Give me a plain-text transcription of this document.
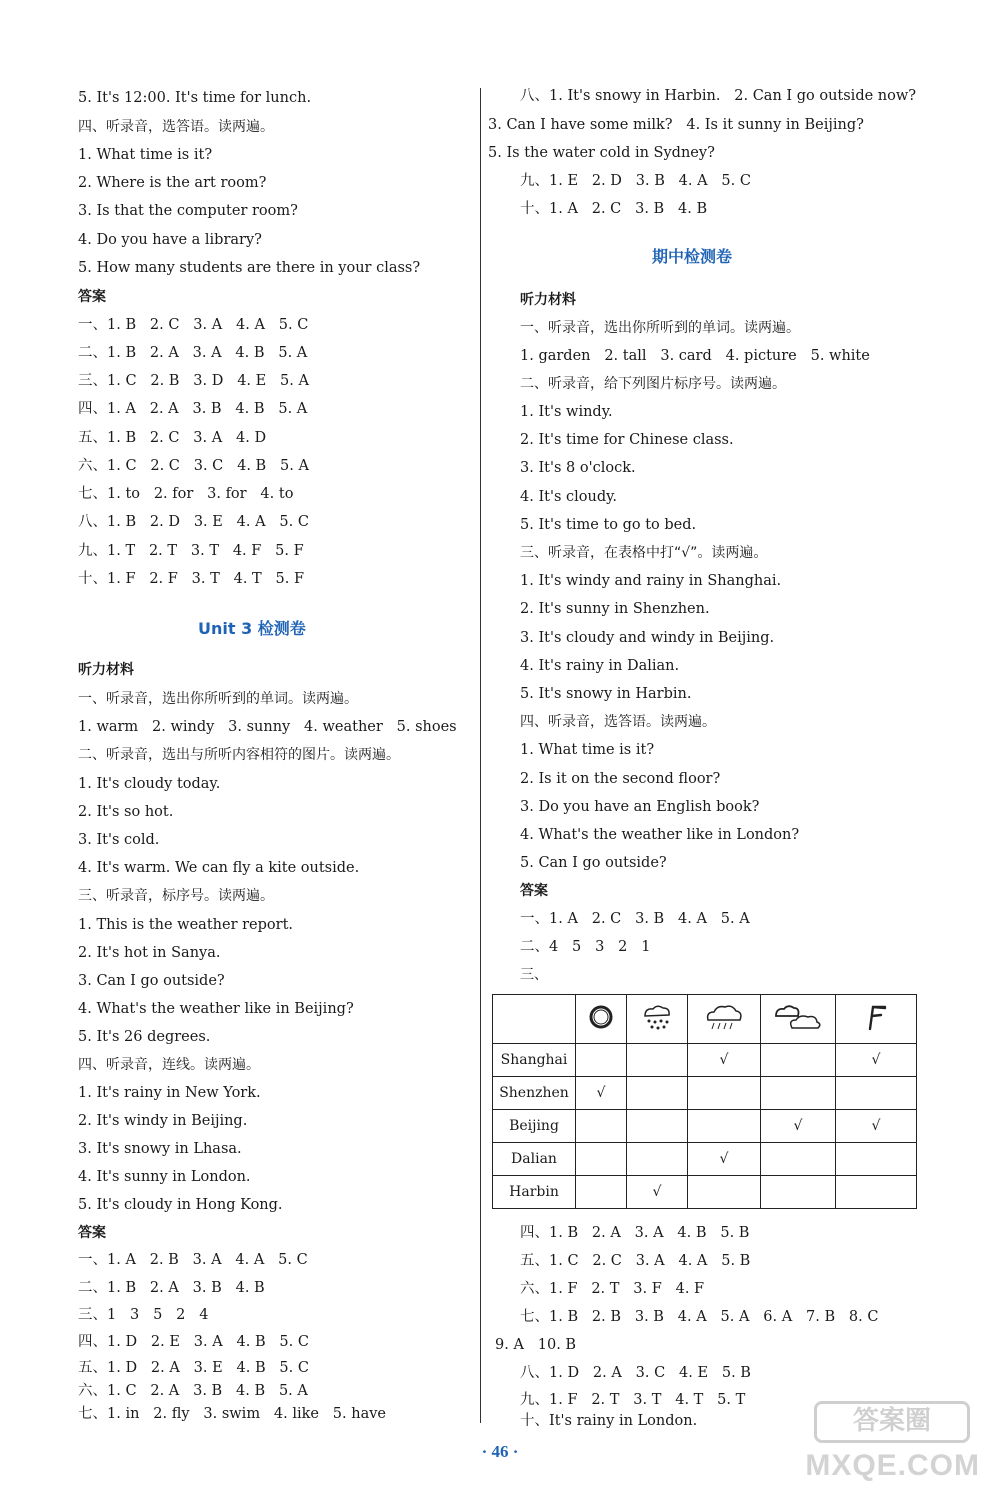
5. It's 12:00. It's time for lunch.
四、听录音，选答语。读两遍。
1. What time is it?
2. Where is the art room?
3. Is that the computer room?
4. Do you have a library?
5. How many students are there in your class?
答案
一、1. B   2. C   3. A   4. A   5. C
二、1. B   2. A   3. A   4. B   5. A
三、1. C   2. B   3. D   4. E   5. A
四、1. A   2. A   3. B   4. B   5. A
五、1. B   2. C   3. A   4. D
六、1. C   2. C   3. C   4. B   5. A
七、1. to   2. for   3. for   4. to
八、1. B   2. D   3. E   4. A   5. C
九、1. T   2. T   3. T   4. F   5. F
十、1. F   2. F   3. T   4. T   5. F
听力材料
一、听录音，选出你所听到的单词。读两遍。
1. warm   2. windy   3. sunny   4. weather   5. shoes
二、听录音，选出与所听内容相符的图片。读两遍。
1. It's cloudy today.
2. It's so hot.
3. It's cold.
4. It's warm. We can fly a kite outside.
三、听录音，标序号。读两遍。
1. This is the weather report.
2. It's hot in Sanya.
3. Can I go outside?
4. What's the weather like in Beijing?
5. It's 26 degrees.
四、听录音，连线。读两遍。
1. It's rainy in New York.
2. It's windy in Beijing.
3. It's snowy in Lhasa.
4. It's sunny in London.
5. It's cloudy in Hong Kong.
答案
一、1. A   2. B   3. A   4. A   5. C
二、1. B   2. A   3. B   4. B
三、1   3   5   2   4
四、1. D   2. E   3. A   4. B   5. C
五、1. D   2. A   3. E   4. B   5. C
六、1. C   2. A   3. B   4. B   5. A
七、1. in   2. fly   3. swim   4. like   5. have
Unit 3 检测卷
八、1. It's snowy in Harbin.   2. Can I go outside now?
3. Can I have some milk?   4. Is it sunny in Beijing?
5. Is the water cold in Sydney?
九、1. E   2. D   3. B   4. A   5. C
十、1. A   2. C   3. B   4. B
听力材料
一、听录音，选出你所听到的单词。读两遍。
1. garden   2. tall   3. card   4. picture   5. white
二、听录音，给下列图片标序号。读两遍。
1. It's windy.
2. It's time for Chinese class.
3. It's 8 o'clock.
4. It's cloudy.
5. It's time to go to bed.
三、听录音，在表格中打“√”。读两遍。
1. It's windy and rainy in Shanghai.
2. It's sunny in Shenzhen.
3. It's cloudy and windy in Beijing.
4. It's rainy in Dalian.
5. It's snowy in Harbin.
四、听录音，选答语。读两遍。
1. What time is it?
2. Is it on the second floor?
3. Do you have an English book?
4. What's the weather like in London?
5. Can I go outside?
答案
一、1. A   2. C   3. B   4. A   5. A
二、4   5   3   2   1
三、
四、1. B   2. A   3. A   4. B   5. B
五、1. C   2. C   3. A   4. A   5. B
六、1. F   2. T   3. F   4. F
七、1. B   2. B   3. B   4. A   5. A   6. A   7. B   8. C
9. A   10. B
八、1. D   2. A   3. C   4. E   5. B
九、1. F   2. T   3. T   4. T   5. T
十、It's rainy in London.
期中检测卷

Shanghai			√		√
Shenzhen	√				
Beijing				√	√
Dalian			√		
Harbin		√			
· 46 ·
答案圈
MXQE.COM
